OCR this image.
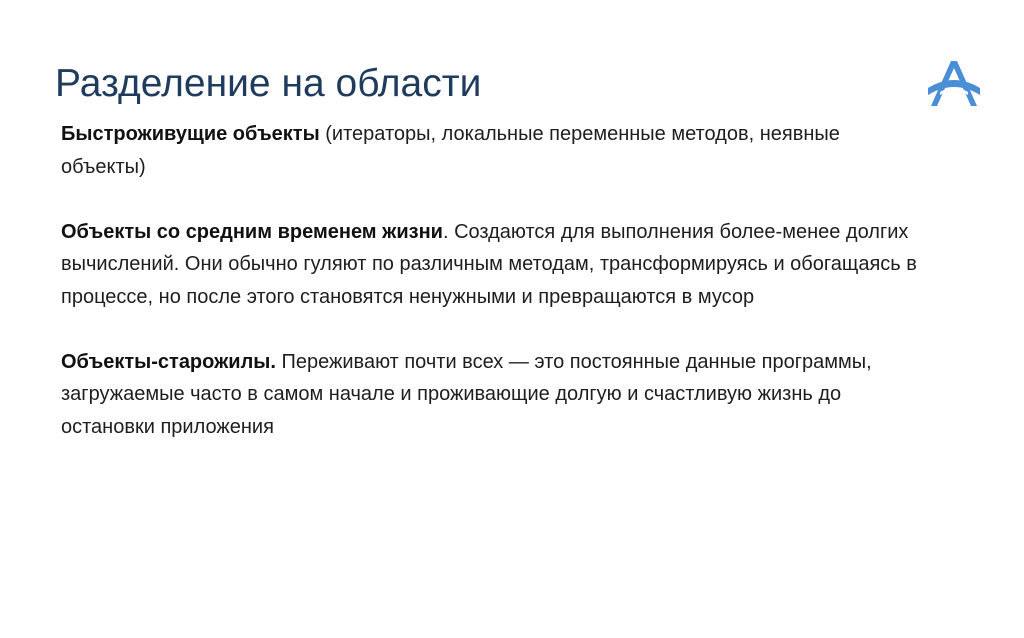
Разделение на области

Быстроживущие объекты (итераторы, локальные переменные методов, неявные объекты)

Объекты со средним временем жизни. Создаются для выполнения более-менее долгих вычислений. Они обычно гуляют по различным методам, трансформируясь и обогащаясь в процессе, но после этого становятся ненужными и превращаются в мусор

Объекты-старожилы. Переживают почти всех — это постоянные данные программы, загружаемые часто в самом начале и проживающие долгую и счастливую жизнь до остановки приложения
